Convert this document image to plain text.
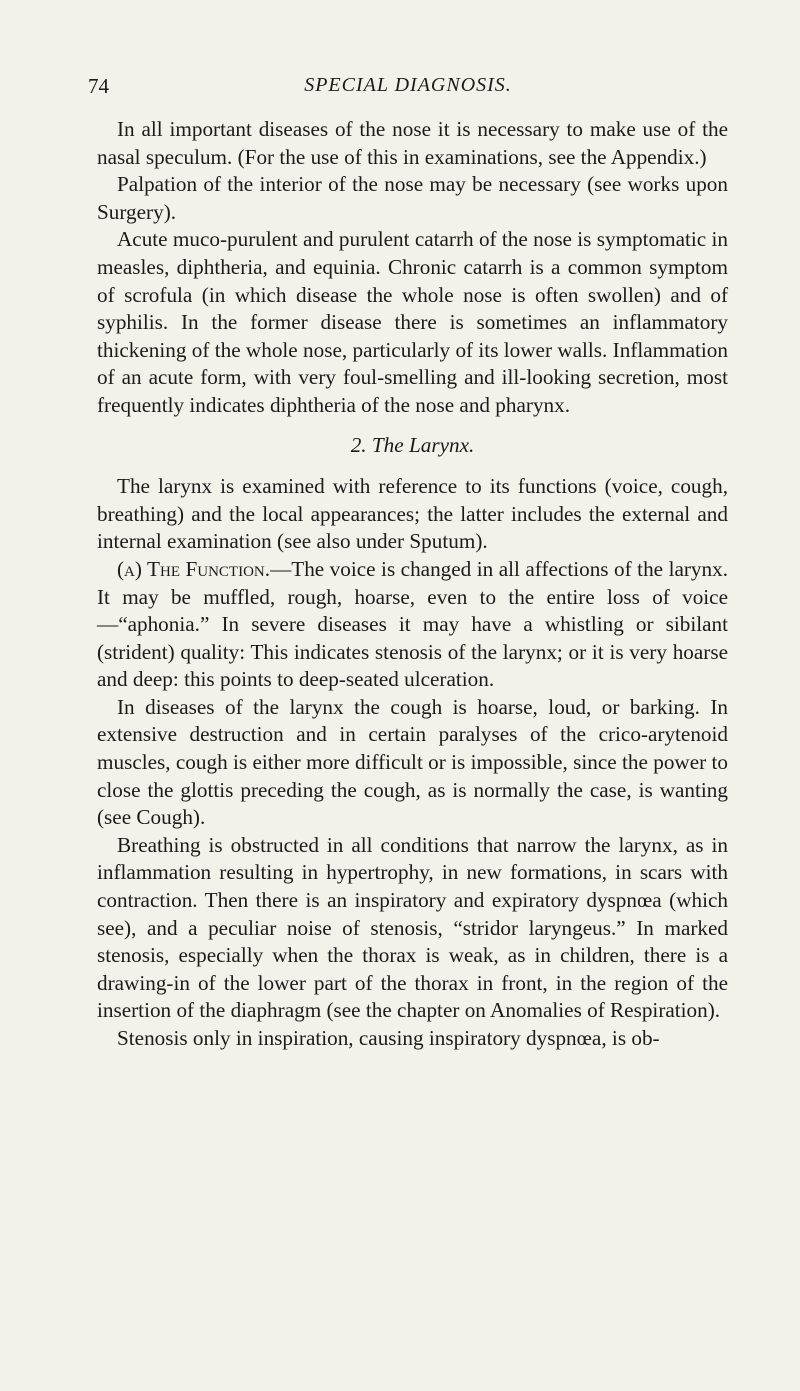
74	SPECIAL DIAGNOSIS.

In all important diseases of the nose it is necessary to make use of the nasal speculum. (For the use of this in examinations, see the Appendix.)

Palpation of the interior of the nose may be necessary (see works upon Surgery).

Acute muco-purulent and purulent catarrh of the nose is symptomatic in measles, diphtheria, and equinia. Chronic catarrh is a common symptom of scrofula (in which disease the whole nose is often swollen) and of syphilis. In the former disease there is sometimes an inflammatory thickening of the whole nose, particularly of its lower walls. Inflammation of an acute form, with very foul-smelling and ill-looking secretion, most frequently indicates diphtheria of the nose and pharynx.

2. The Larynx.

The larynx is examined with reference to its functions (voice, cough, breathing) and the local appearances; the latter includes the external and internal examination (see also under Sputum).

(a) The Function.—The voice is changed in all affections of the larynx. It may be muffled, rough, hoarse, even to the entire loss of voice—“aphonia.” In severe diseases it may have a whistling or sibilant (strident) quality: This indicates stenosis of the larynx; or it is very hoarse and deep: this points to deep-seated ulceration.

In diseases of the larynx the cough is hoarse, loud, or barking. In extensive destruction and in certain paralyses of the crico-arytenoid muscles, cough is either more difficult or is impossible, since the power to close the glottis preceding the cough, as is normally the case, is wanting (see Cough).

Breathing is obstructed in all conditions that narrow the larynx, as in inflammation resulting in hypertrophy, in new formations, in scars with contraction. Then there is an inspiratory and expiratory dyspnœa (which see), and a peculiar noise of stenosis, “stridor laryngeus.” In marked stenosis, especially when the thorax is weak, as in children, there is a drawing-in of the lower part of the thorax in front, in the region of the insertion of the diaphragm (see the chapter on Anomalies of Respiration).

Stenosis only in inspiration, causing inspiratory dyspnœa, is ob-
